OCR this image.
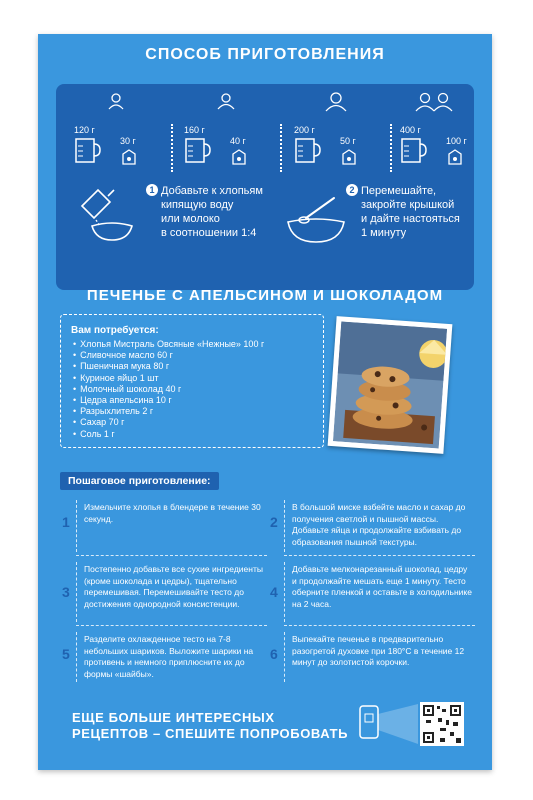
СПОСОБ ПРИГОТОВЛЕНИЯ
120 г
30 г
160 г
40 г
200 г
50 г
400 г
100 г
1 Добавьте к хлопьям
кипящую воду
или молоко
в соотношении 1:4
2 Перемешайте,
закройте крышкой
и дайте настояться
1 минуту
ПЕЧЕНЬЕ С АПЕЛЬСИНОМ И ШОКОЛАДОМ
Вам потребуется:
• Хлопья Мистраль Овсяные «Нежные» 100 г
• Сливочное масло 60 г
• Пшеничная мука 80 г
• Куриное яйцо 1 шт
• Молочный шоколад 40 г
• Цедра апельсина 10 г
• Разрыхлитель 2 г
• Сахар 70 г
• Соль 1 г
Пошаговое приготовление:
1
Измельчите хлопья в блендере в течение 30 секунд.	2
В большой миске взбейте масло и сахар до получения светлой и пышной массы. Добавьте яйца и продолжайте взбивать до образования пышной текстуры.
3
Постепенно добавьте все сухие ингредиенты (кроме шоколада и цедры), тщательно перемешивая. Перемешивайте тесто до достижения однородной консистенции.
4
Добавьте мелконарезанный шоколад, цедру и продолжайте мешать еще 1 минуту. Тесто оберните пленкой и оставьте в холодильнике на 2 часа.
5
Разделите охлажденное тесто на 7-8 небольших шариков. Выложите шарики на противень и немного приплюсните их до формы «шайбы».
6
Выпекайте печенье в предварительно разогретой духовке при 180°С в течение 12 минут до золотистой корочки.
ЕЩЕ БОЛЬШЕ ИНТЕРЕСНЫХ
РЕЦЕПТОВ – СПЕШИТЕ ПОПРОБОВАТЬ
